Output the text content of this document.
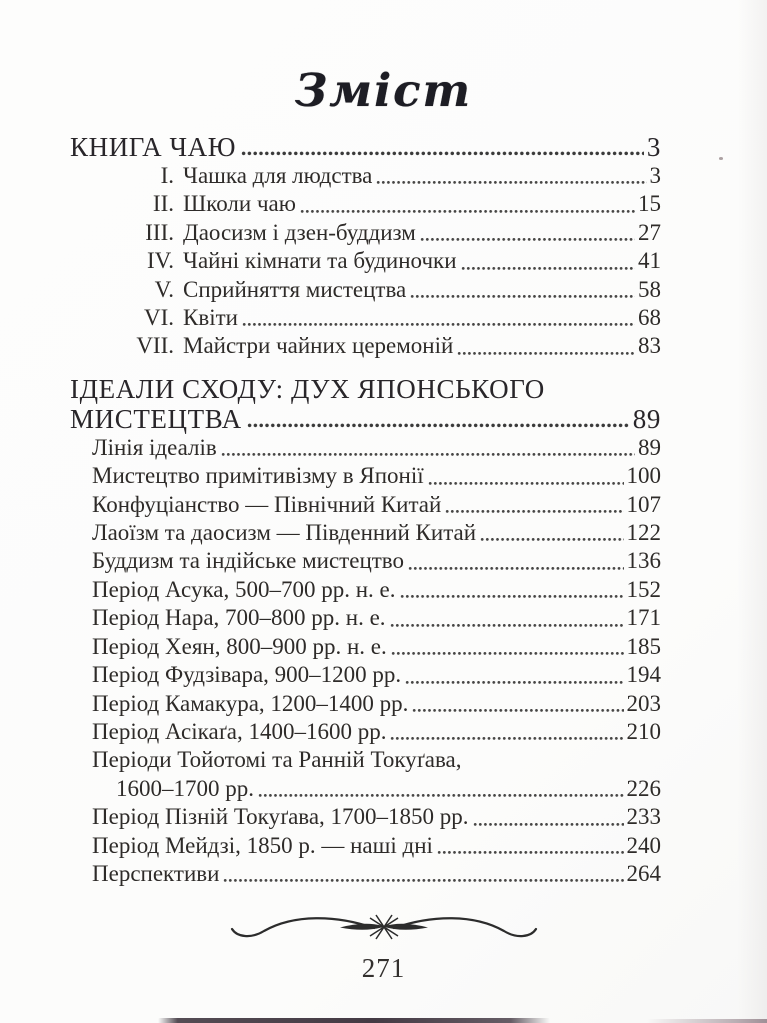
Зміст
КНИГА ЧАЮ	3
I. Чашка для людства	3
II. Школи чаю	15
III. Даосизм і дзен-буддизм	27
IV. Чайні кімнати та будиночки	41
V. Сприйняття мистецтва	58
VI. Квіти	68
VII. Майстри чайних церемоній	83
ІДЕАЛИ СХОДУ: ДУХ ЯПОНСЬКОГО
МИСТЕЦТВА	89
Лінія ідеалів	89
Мистецтво примітивізму в Японії	100
Конфуціанство — Північний Китай	107
Лаоїзм та даосизм — Південний Китай	122
Буддизм та індійське мистецтво	136
Період Асука, 500–700 рр. н. е.	152
Період Нара, 700–800 рр. н. е.	171
Період Хеян, 800–900 рр. н. е.	185
Період Фудзівара, 900–1200 рр.	194
Період Камакура, 1200–1400 рр.	203
Період Асікаґа, 1400–1600 рр.	210
Періоди Тойотомі та Ранній Токуґава,
1600–1700 рр.	226
Період Пізній Токуґава, 1700–1850 рр.	233
Період Мейдзі, 1850 р. — наші дні	240
Перспективи	264
271
